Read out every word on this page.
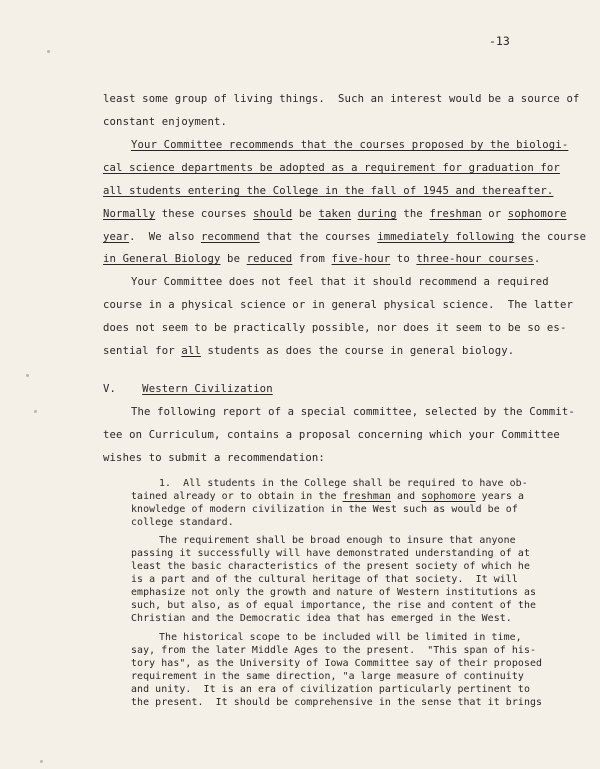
-13
least some group of living things.  Such an interest would be a source of
constant enjoyment.
Your Committee recommends that the courses proposed by the biologi-
cal science departments be adopted as a requirement for graduation for
all students entering the College in the fall of 1945 and thereafter.
Normally these courses should be taken during the freshman or sophomore
year.  We also recommend that the courses immediately following the course
in General Biology be reduced from five-hour to three-hour courses.
Your Committee does not feel that it should recommend a required
course in a physical science or in general physical science.  The latter
does not seem to be practically possible, nor does it seem to be so es-
sential for all students as does the course in general biology.
V.    Western Civilization
The following report of a special committee, selected by the Commit-
tee on Curriculum, contains a proposal concerning which your Committee
wishes to submit a recommendation:
1.  All students in the College shall be required to have ob-
tained already or to obtain in the freshman and sophomore years a
knowledge of modern civilization in the West such as would be of
college standard.
The requirement shall be broad enough to insure that anyone
passing it successfully will have demonstrated understanding of at
least the basic characteristics of the present society of which he
is a part and of the cultural heritage of that society.  It will
emphasize not only the growth and nature of Western institutions as
such, but also, as of equal importance, the rise and content of the
Christian and the Democratic idea that has emerged in the West.
The historical scope to be included will be limited in time,
say, from the later Middle Ages to the present.  "This span of his-
tory has", as the University of Iowa Committee say of their proposed
requirement in the same direction, "a large measure of continuity
and unity.  It is an era of civilization particularly pertinent to
the present.  It should be comprehensive in the sense that it brings
